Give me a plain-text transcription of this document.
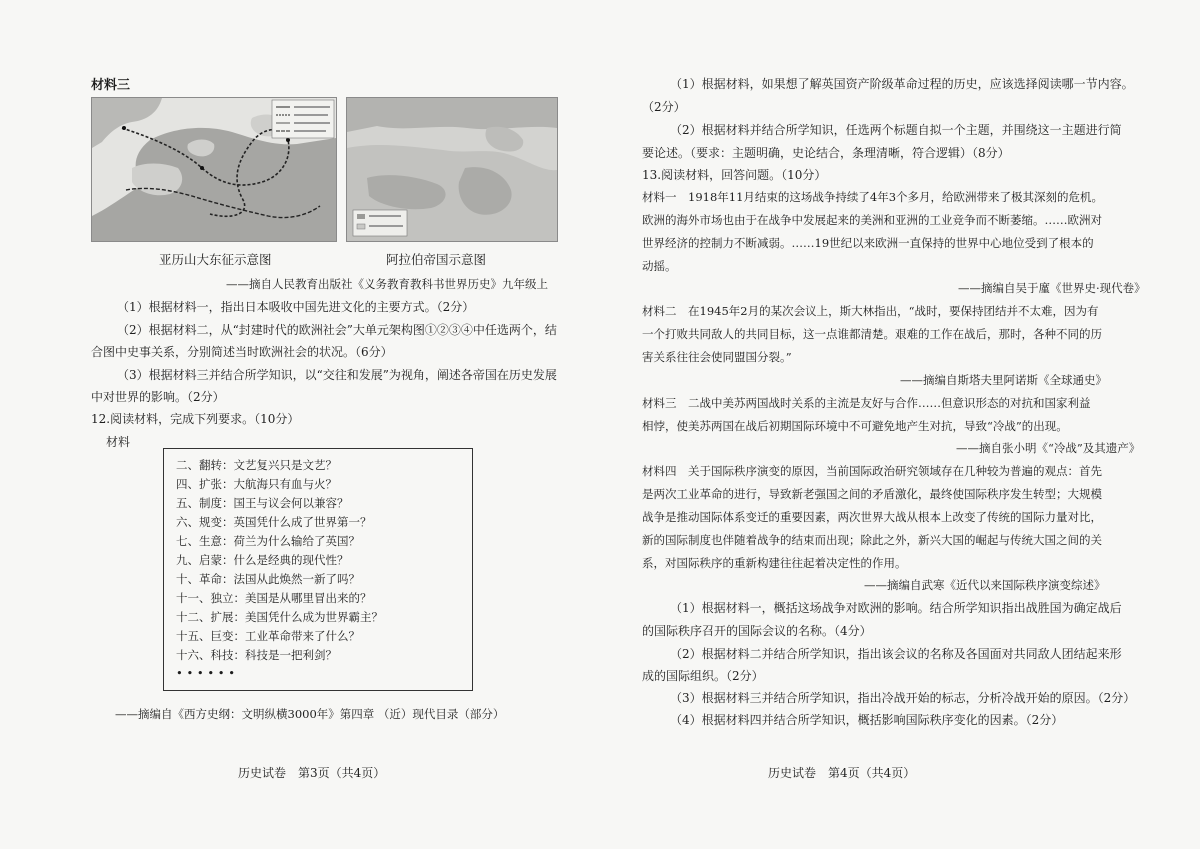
材料三
亚历山大东征示意图	阿拉伯帝国示意图
——摘自人民教育出版社《义务教育教科书世界历史》九年级上
（1）根据材料一，指出日本吸收中国先进文化的主要方式。（2分）
（2）根据材料二，从“封建时代的欧洲社会”大单元架构图①②③④中任选两个，结
合图中史事关系，分别简述当时欧洲社会的状况。（6分）
（3）根据材料三并结合所学知识，以“交往和发展”为视角，阐述各帝国在历史发展
中对世界的影响。（2分）
12.阅读材料，完成下列要求。（10分）
材料
二、翻转：文艺复兴只是文艺？
四、扩张：大航海只有血与火？
五、制度：国王与议会何以兼容？
六、规变：英国凭什么成了世界第一？
七、生意：荷兰为什么输给了英国？
九、启蒙：什么是经典的现代性？
十、革命：法国从此焕然一新了吗？
十一、独立：美国是从哪里冒出来的？
十二、扩展：美国凭什么成为世界霸主？
十五、巨变：工业革命带来了什么？
十六、科技：科技是一把利剑？
• • • • • •
——摘编自《西方史纲：文明纵横3000年》第四章 （近）现代目录（部分）
历史试卷　第3页（共4页）
（1）根据材料，如果想了解英国资产阶级革命过程的历史，应该选择阅读哪一节内容。
（2分）
（2）根据材料并结合所学知识，任选两个标题自拟一个主题，并围绕这一主题进行简
要论述。（要求：主题明确，史论结合，条理清晰，符合逻辑）（8分）
13.阅读材料，回答问题。（10分）
材料一　1918年11月结束的这场战争持续了4年3个多月，给欧洲带来了极其深刻的危机。
欧洲的海外市场也由于在战争中发展起来的美洲和亚洲的工业竞争而不断萎缩。……欧洲对
世界经济的控制力不断减弱。……19世纪以来欧洲一直保持的世界中心地位受到了根本的
动摇。
——摘编自吴于廑《世界史·现代卷》
材料二　在1945年2月的某次会议上，斯大林指出，“战时，要保持团结并不太难，因为有
一个打败共同敌人的共同目标，这一点谁都清楚。艰难的工作在战后，那时，各种不同的历
害关系往往会使同盟国分裂。”
——摘编自斯塔夫里阿诺斯《全球通史》
材料三　二战中美苏两国战时关系的主流是友好与合作……但意识形态的对抗和国家利益
相悖，使美苏两国在战后初期国际环境中不可避免地产生对抗，导致“冷战”的出现。
——摘自张小明《“冷战”及其遗产》
材料四　关于国际秩序演变的原因，当前国际政治研究领域存在几种较为普遍的观点：首先
是两次工业革命的进行，导致新老强国之间的矛盾激化，最终使国际秩序发生转型；大规模
战争是推动国际体系变迁的重要因素，两次世界大战从根本上改变了传统的国际力量对比，
新的国际制度也伴随着战争的结束而出现；除此之外，新兴大国的崛起与传统大国之间的关
系，对国际秩序的重新构建往往起着决定性的作用。
——摘编自武寒《近代以来国际秩序演变综述》
（1）根据材料一，概括这场战争对欧洲的影响。结合所学知识指出战胜国为确定战后
的国际秩序召开的国际会议的名称。（4分）
（2）根据材料二并结合所学知识，指出该会议的名称及各国面对共同敌人团结起来形
成的国际组织。（2分）
（3）根据材料三并结合所学知识，指出冷战开始的标志，分析冷战开始的原因。（2分）
（4）根据材料四并结合所学知识，概括影响国际秩序变化的因素。（2分）
历史试卷　第4页（共4页）
